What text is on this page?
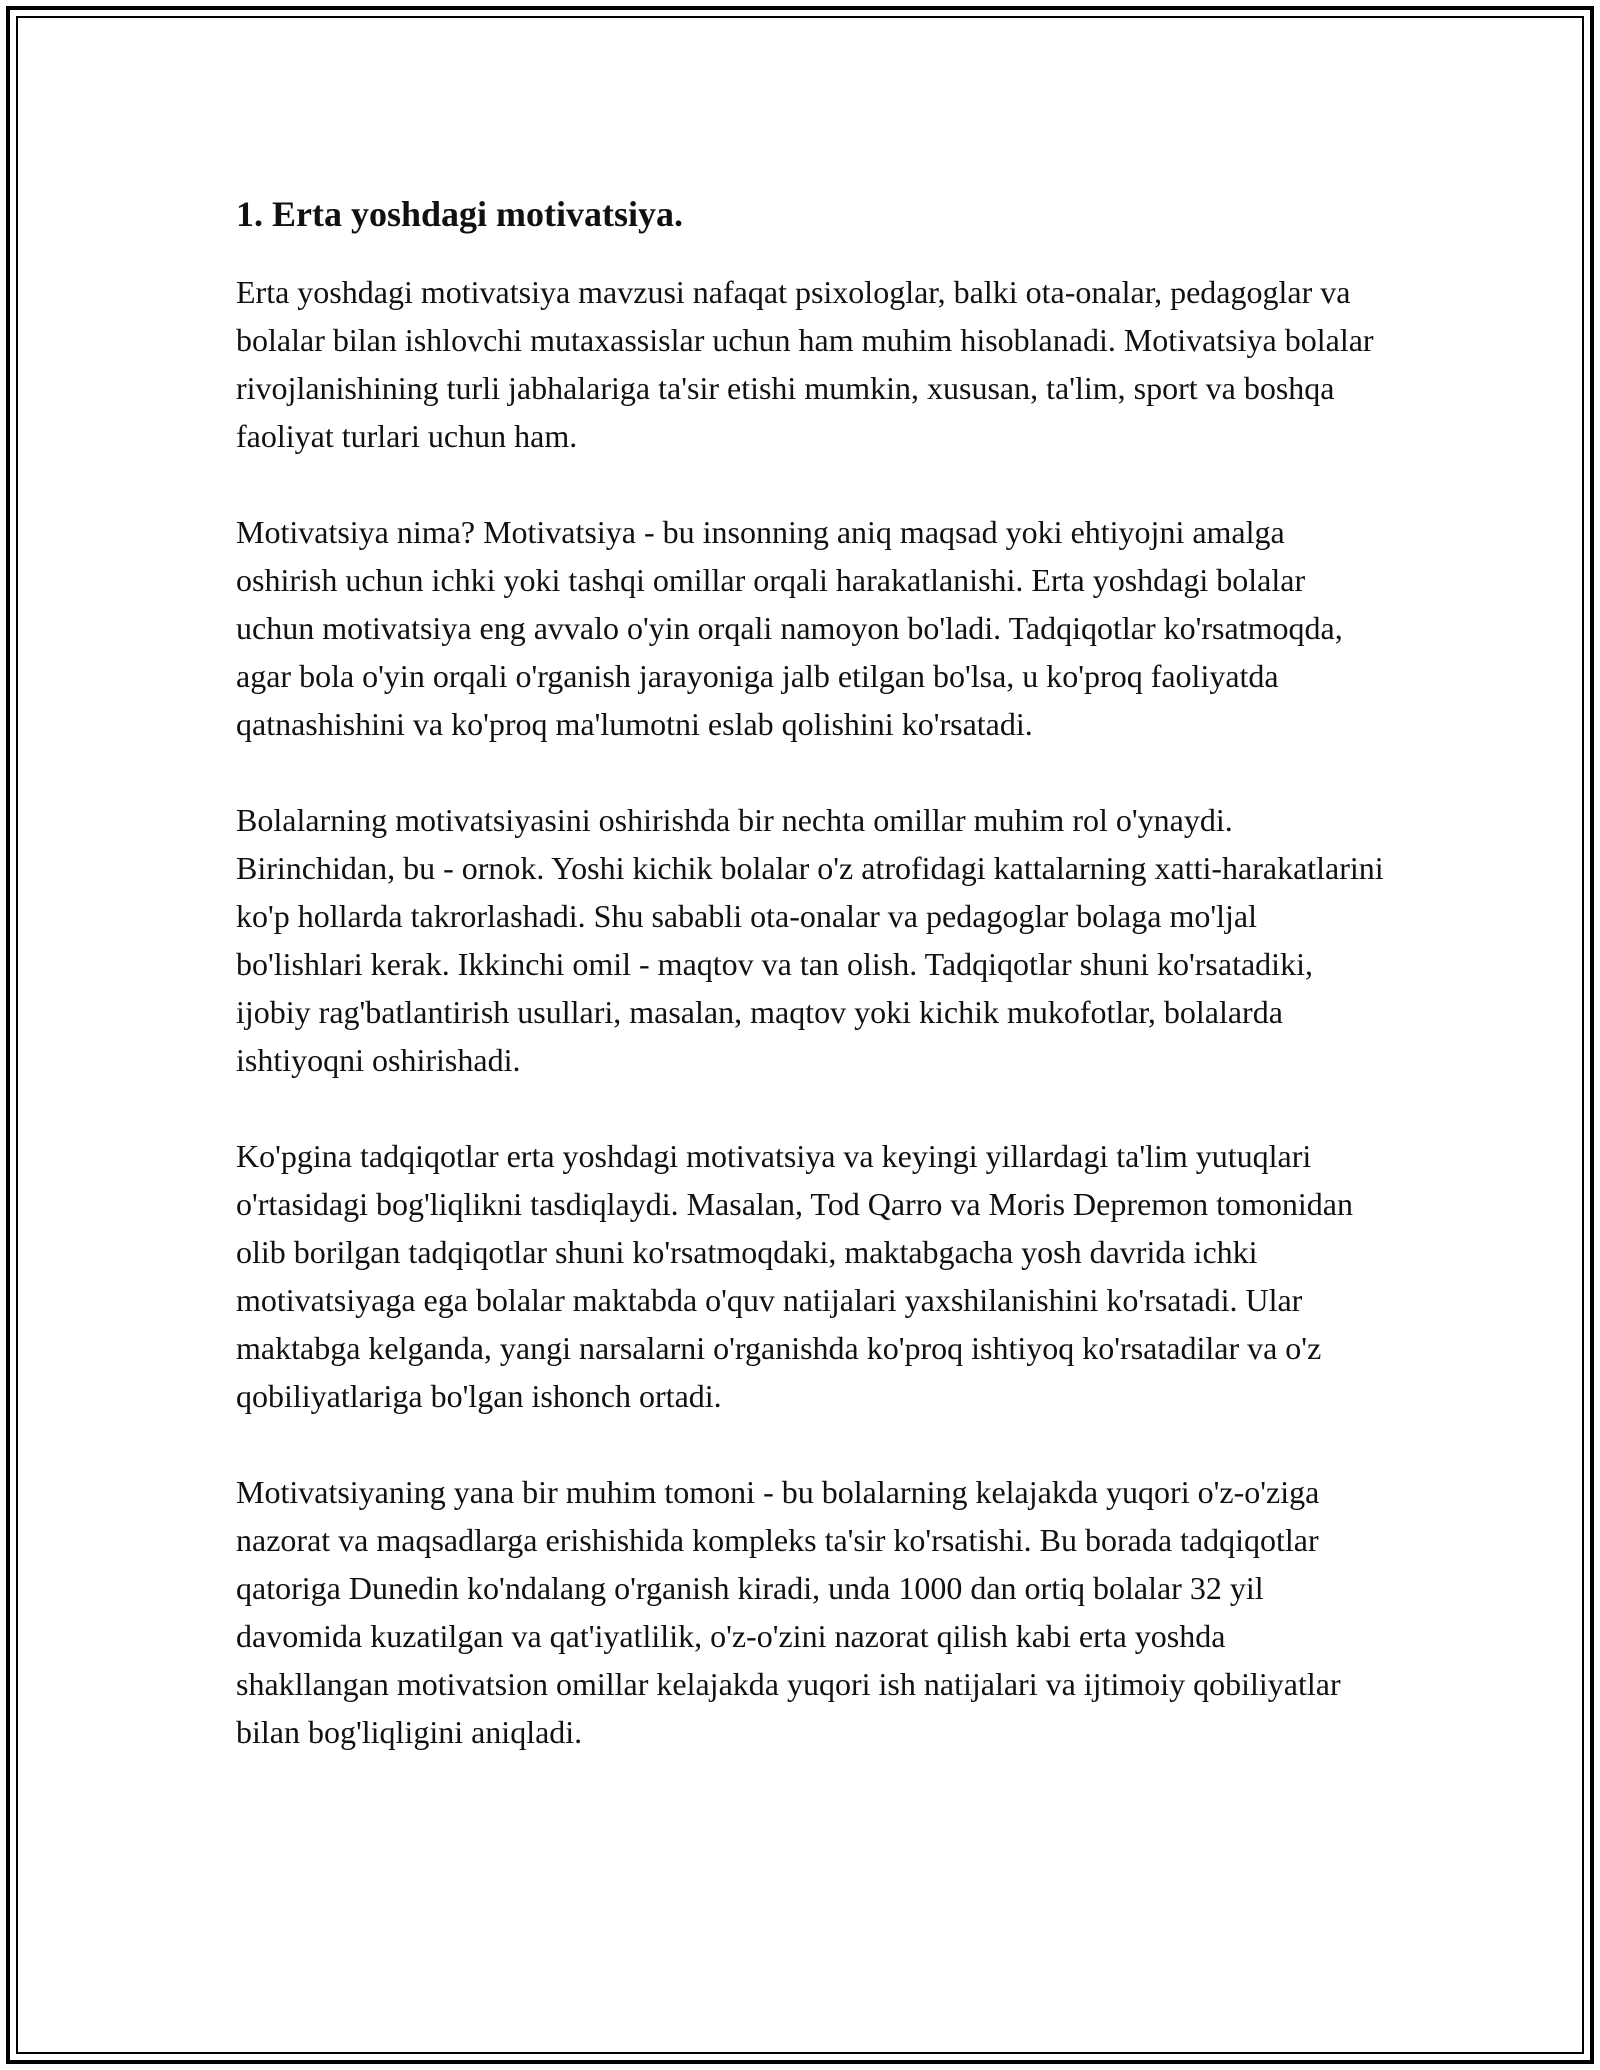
1. Erta yoshdagi motivatsiya.

Erta yoshdagi motivatsiya mavzusi nafaqat psixologlar, balki ota-onalar, pedagoglar va bolalar bilan ishlovchi mutaxassislar uchun ham muhim hisoblanadi. Motivatsiya bolalar rivojlanishining turli jabhalariga ta'sir etishi mumkin, xususan, ta'lim, sport va boshqa faoliyat turlari uchun ham.

Motivatsiya nima? Motivatsiya - bu insonning aniq maqsad yoki ehtiyojni amalga oshirish uchun ichki yoki tashqi omillar orqali harakatlanishi. Erta yoshdagi bolalar uchun motivatsiya eng avvalo o'yin orqali namoyon bo'ladi. Tadqiqotlar ko'rsatmoqda, agar bola o'yin orqali o'rganish jarayoniga jalb etilgan bo'lsa, u ko'proq faoliyatda qatnashishini va ko'proq ma'lumotni eslab qolishini ko'rsatadi.

Bolalarning motivatsiyasini oshirishda bir nechta omillar muhim rol o'ynaydi. Birinchidan, bu - ornok. Yoshi kichik bolalar o'z atrofidagi kattalarning xatti-harakatlarini ko'p hollarda takrorlashadi. Shu sababli ota-onalar va pedagoglar bolaga mo'ljal bo'lishlari kerak. Ikkinchi omil - maqtov va tan olish. Tadqiqotlar shuni ko'rsatadiki, ijobiy rag'batlantirish usullari, masalan, maqtov yoki kichik mukofotlar, bolalarda ishtiyoqni oshirishadi.

Ko'pgina tadqiqotlar erta yoshdagi motivatsiya va keyingi yillardagi ta'lim yutuqlari o'rtasidagi bog'liqlikni tasdiqlaydi. Masalan, Tod Qarro va Moris Depremon tomonidan olib borilgan tadqiqotlar shuni ko'rsatmoqdaki, maktabgacha yosh davrida ichki motivatsiyaga ega bolalar maktabda o'quv natijalari yaxshilanishini ko'rsatadi. Ular maktabga kelganda, yangi narsalarni o'rganishda ko'proq ishtiyoq ko'rsatadilar va o'z qobiliyatlariga bo'lgan ishonch ortadi.

Motivatsiyaning yana bir muhim tomoni - bu bolalarning kelajakda yuqori o'z-o'ziga nazorat va maqsadlarga erishishida kompleks ta'sir ko'rsatishi. Bu borada tadqiqotlar qatoriga Dunedin ko'ndalang o'rganish kiradi, unda 1000 dan ortiq bolalar 32 yil davomida kuzatilgan va qat'iyatlilik, o'z-o'zini nazorat qilish kabi erta yoshda shakllangan motivatsion omillar kelajakda yuqori ish natijalari va ijtimoiy qobiliyatlar bilan bog'liqligini aniqladi.
